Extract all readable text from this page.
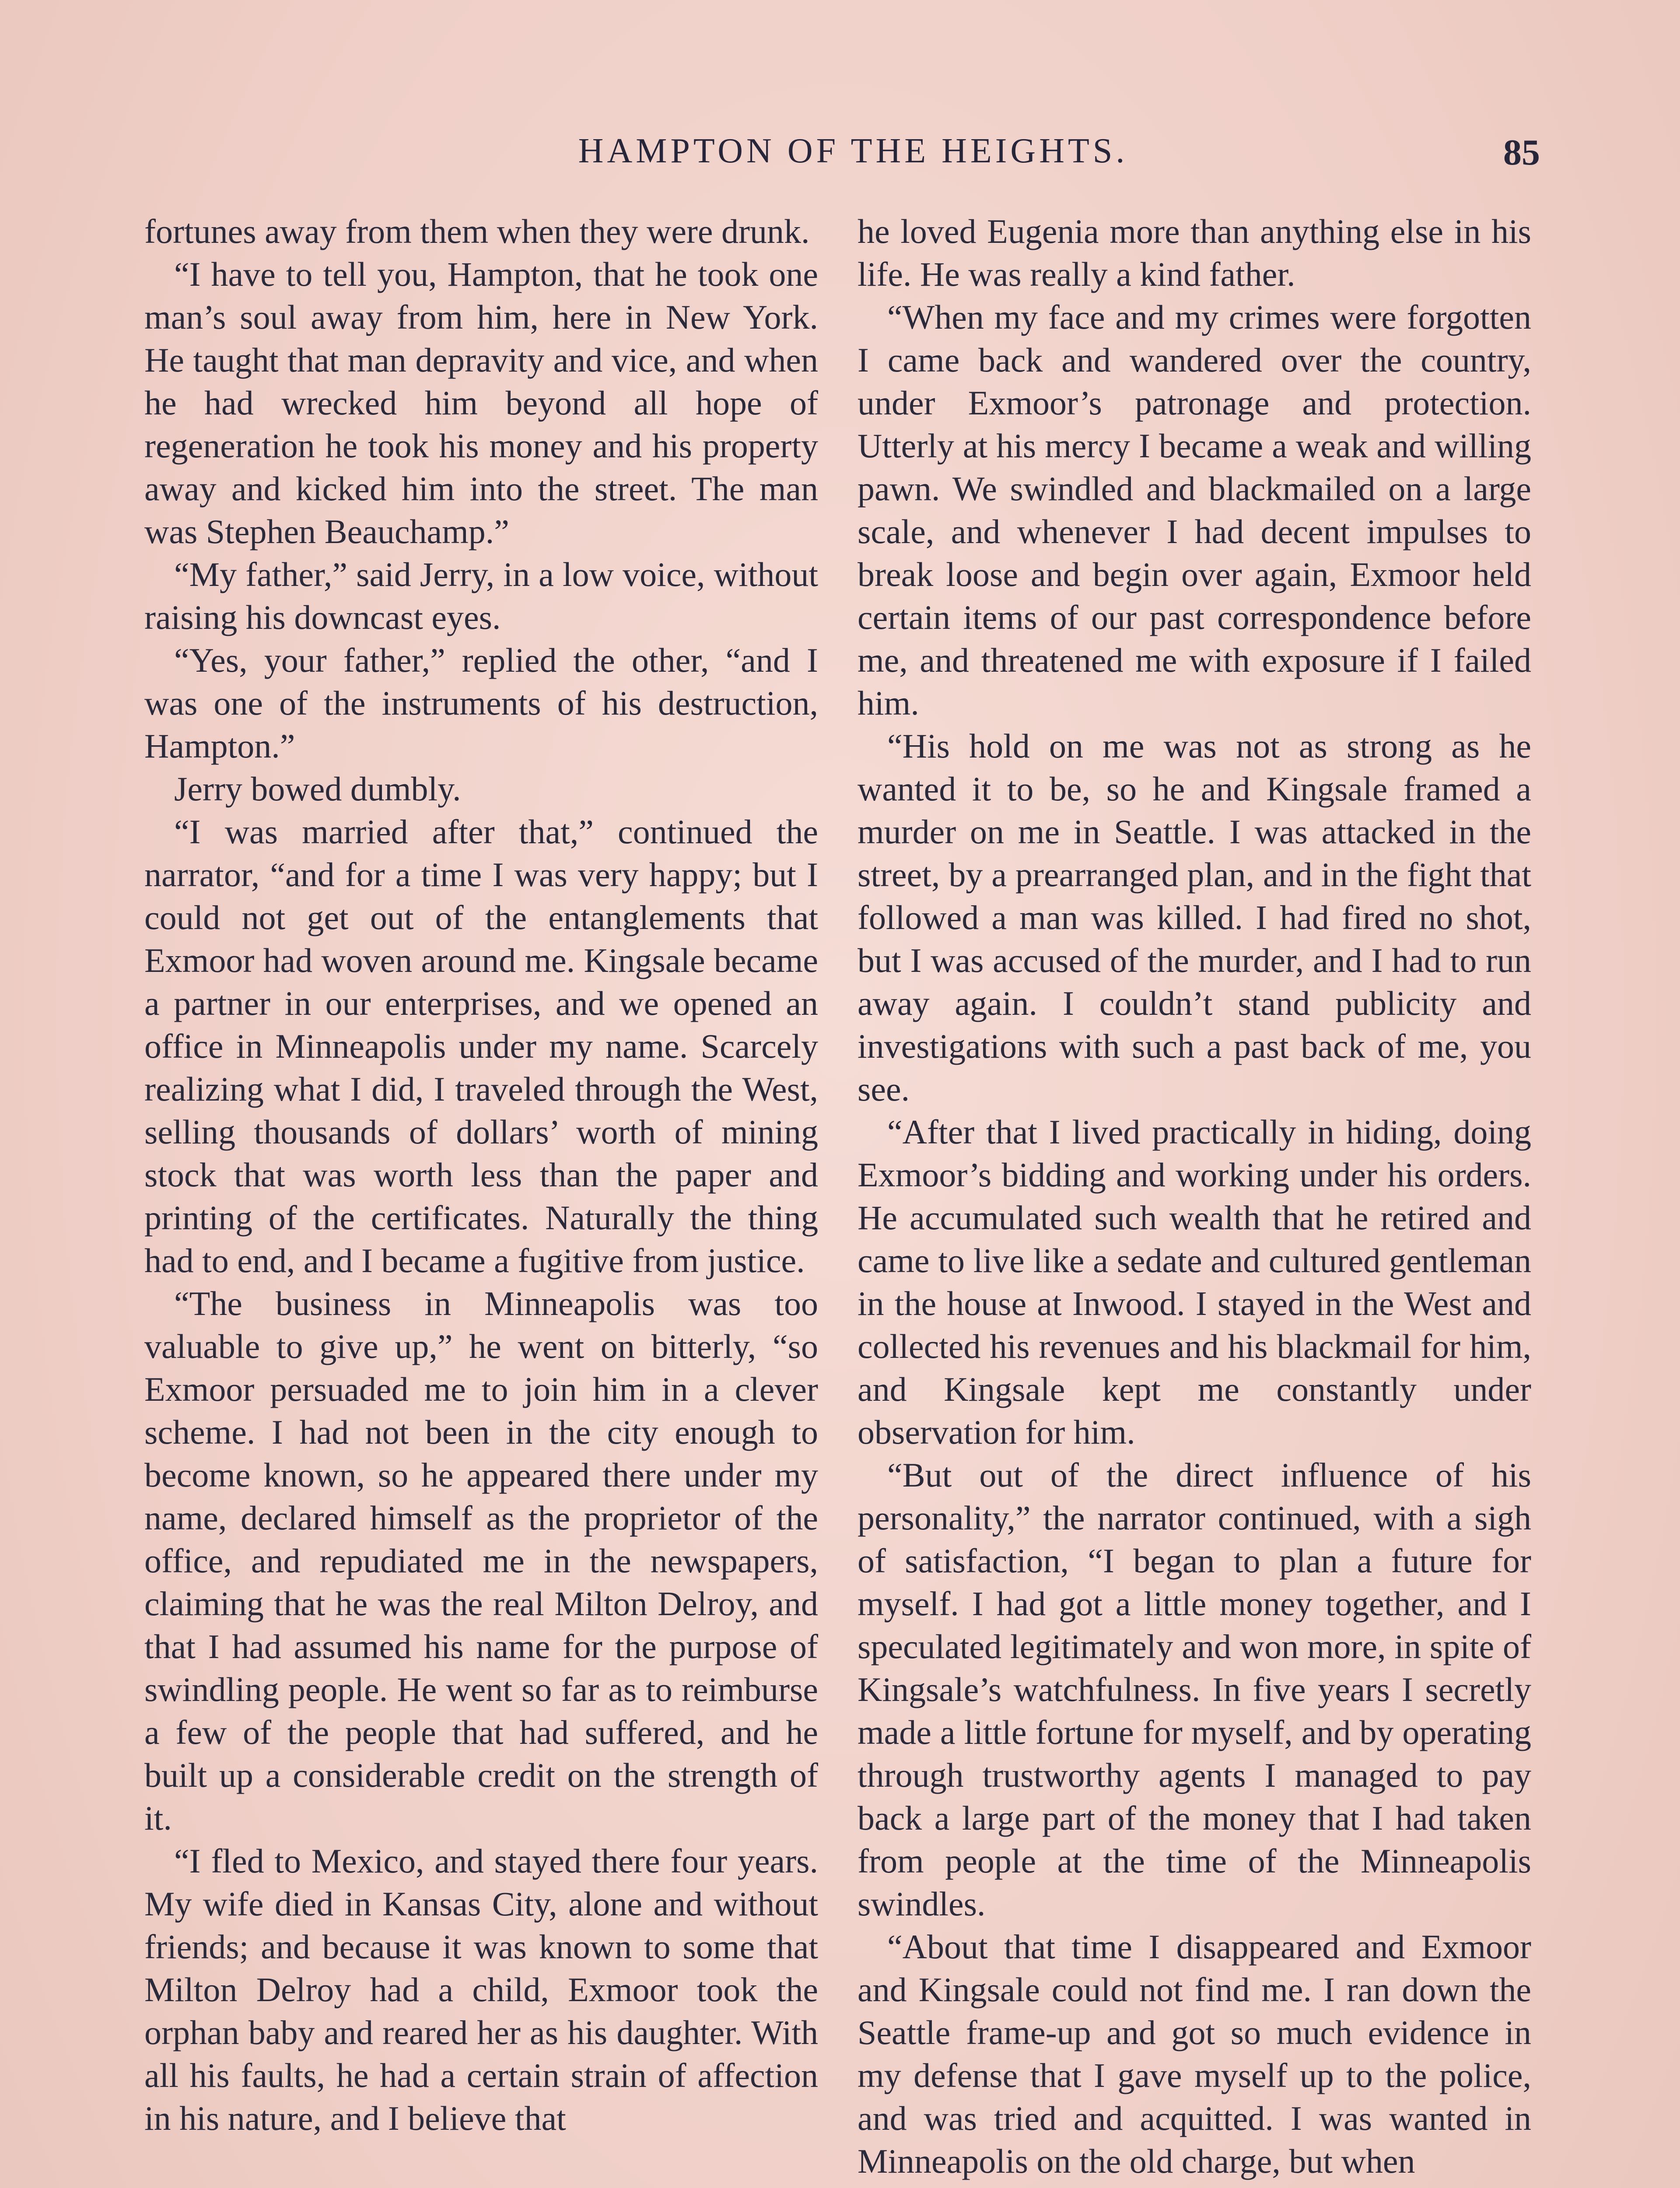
HAMPTON OF THE HEIGHTS.	85

fortunes away from them when they were drunk.

“I have to tell you, Hampton, that he took one man’s soul away from him, here in New York. He taught that man depravity and vice, and when he had wrecked him beyond all hope of regeneration he took his money and his property away and kicked him into the street. The man was Stephen Beauchamp.”

“My father,” said Jerry, in a low voice, without raising his downcast eyes.

“Yes, your father,” replied the other, “and I was one of the instruments of his destruction, Hampton.”

Jerry bowed dumbly.

“I was married after that,” continued the narrator, “and for a time I was very happy; but I could not get out of the entanglements that Exmoor had woven around me. Kingsale became a partner in our enterprises, and we opened an office in Minneapolis under my name. Scarcely realizing what I did, I traveled through the West, selling thousands of dollars’ worth of mining stock that was worth less than the paper and printing of the certificates. Naturally the thing had to end, and I became a fugitive from justice.

“The business in Minneapolis was too valuable to give up,” he went on bitterly, “so Exmoor persuaded me to join him in a clever scheme. I had not been in the city enough to become known, so he appeared there under my name, declared himself as the proprietor of the office, and repudiated me in the newspapers, claiming that he was the real Milton Delroy, and that I had assumed his name for the purpose of swindling people. He went so far as to reimburse a few of the people that had suffered, and he built up a considerable credit on the strength of it.

“I fled to Mexico, and stayed there four years. My wife died in Kansas City, alone and without friends; and because it was known to some that Milton Delroy had a child, Exmoor took the orphan baby and reared her as his daughter. With all his faults, he had a certain strain of affection in his nature, and I believe that

he loved Eugenia more than anything else in his life. He was really a kind father.

“When my face and my crimes were forgotten I came back and wandered over the country, under Exmoor’s patronage and protection. Utterly at his mercy I became a weak and willing pawn. We swindled and blackmailed on a large scale, and whenever I had decent impulses to break loose and begin over again, Exmoor held certain items of our past correspondence before me, and threatened me with exposure if I failed him.

“His hold on me was not as strong as he wanted it to be, so he and Kingsale framed a murder on me in Seattle. I was attacked in the street, by a prearranged plan, and in the fight that followed a man was killed. I had fired no shot, but I was accused of the murder, and I had to run away again. I couldn’t stand publicity and investigations with such a past back of me, you see.

“After that I lived practically in hiding, doing Exmoor’s bidding and working under his orders. He accumulated such wealth that he retired and came to live like a sedate and cultured gentleman in the house at Inwood. I stayed in the West and collected his revenues and his blackmail for him, and Kingsale kept me constantly under observation for him.

“But out of the direct influence of his personality,” the narrator continued, with a sigh of satisfaction, “I began to plan a future for myself. I had got a little money together, and I speculated legitimately and won more, in spite of Kingsale’s watchfulness. In five years I secretly made a little fortune for myself, and by operating through trustworthy agents I managed to pay back a large part of the money that I had taken from people at the time of the Minneapolis swindles.

“About that time I disappeared and Exmoor and Kingsale could not find me. I ran down the Seattle frame-up and got so much evidence in my defense that I gave myself up to the police, and was tried and acquitted. I was wanted in Minneapolis on the old charge, but when
